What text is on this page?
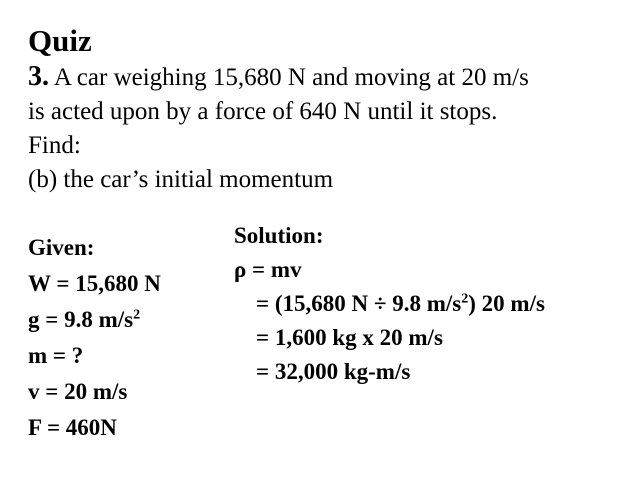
Quiz
3. A car weighing 15,680 N and moving at 20 m/s
is acted upon by a force of 640 N until it stops.
Find:
(b) the car’s initial momentum
Given:
W = 15,680 N
g = 9.8 $m/s^2$
m = ?
v = 20 m/s
F = 460N
Solution:
ρ = mv
= (15,680 N ÷ 9.8 $m/s^2$) 20 m/s
= 1,600 kg x 20 m/s
= 32,000 kg-m/s
